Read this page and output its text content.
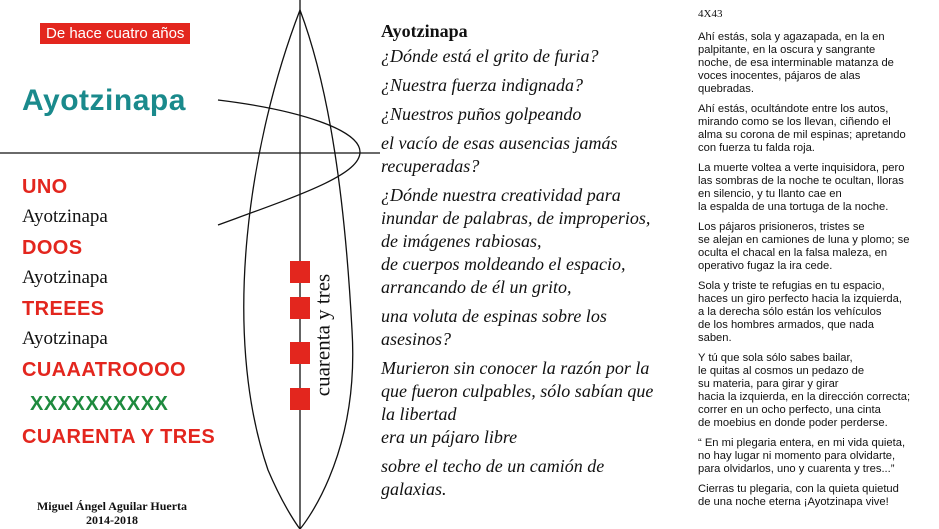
De hace cuatro años
Ayotzinapa
UNO
Ayotzinapa
DOOS
Ayotzinapa
TREEES
Ayotzinapa
CUAAATROOOO
XXXXXXXXXX
CUARENTA Y TRES
Miguel Ángel Aguilar Huerta
2014-2018
cuarenta y tres
Ayotzinapa
¿Dónde está el grito de furia?
¿Nuestra fuerza indignada?
¿Nuestros puños golpeando
el vacío de esas ausencias jamás
recuperadas?
¿Dónde nuestra creatividad para
inundar de palabras, de improperios,
de imágenes rabiosas,
de cuerpos moldeando el espacio,
arrancando de él un grito,
una voluta de espinas sobre los
asesinos?
Murieron sin conocer la razón por la
que fueron culpables, sólo sabían que
la libertad
era un pájaro libre
sobre el techo de un camión de
galaxias.
4X43
Ahí estás, sola y agazapada, en la en
palpitante, en la oscura y sangrante
noche, de esa interminable matanza de
voces inocentes, pájaros de alas
quebradas.
Ahí estás, ocultándote entre los autos,
mirando como se los llevan, ciñendo el
alma su corona de mil espinas; apretando
con fuerza tu falda roja.
La muerte voltea a verte inquisidora, pero
las sombras de la noche te ocultan, lloras
en silencio, y tu llanto cae en
la espalda de una tortuga de la noche.
Los pájaros prisioneros, tristes se
se alejan en camiones de luna y plomo; se
oculta el chacal en la falsa maleza, en
operativo fugaz la ira cede.
Sola y triste te refugias en tu espacio,
haces un giro perfecto hacia la izquierda,
a la derecha sólo están los vehículos
de los hombres armados, que nada
saben.
Y tú que sola sólo sabes bailar,
le quitas al cosmos un pedazo de
su materia, para girar y girar
hacia la izquierda, en la dirección correcta;
correr en un ocho perfecto, una cinta
de moebius en donde poder perderse.
“ En mi plegaria entera, en mi vida quieta,
no hay lugar ni momento para olvidarte,
para olvidarlos, uno y cuarenta y tres...”
Cierras tu plegaria, con la quieta quietud
de una noche eterna ¡Ayotzinapa vive!
